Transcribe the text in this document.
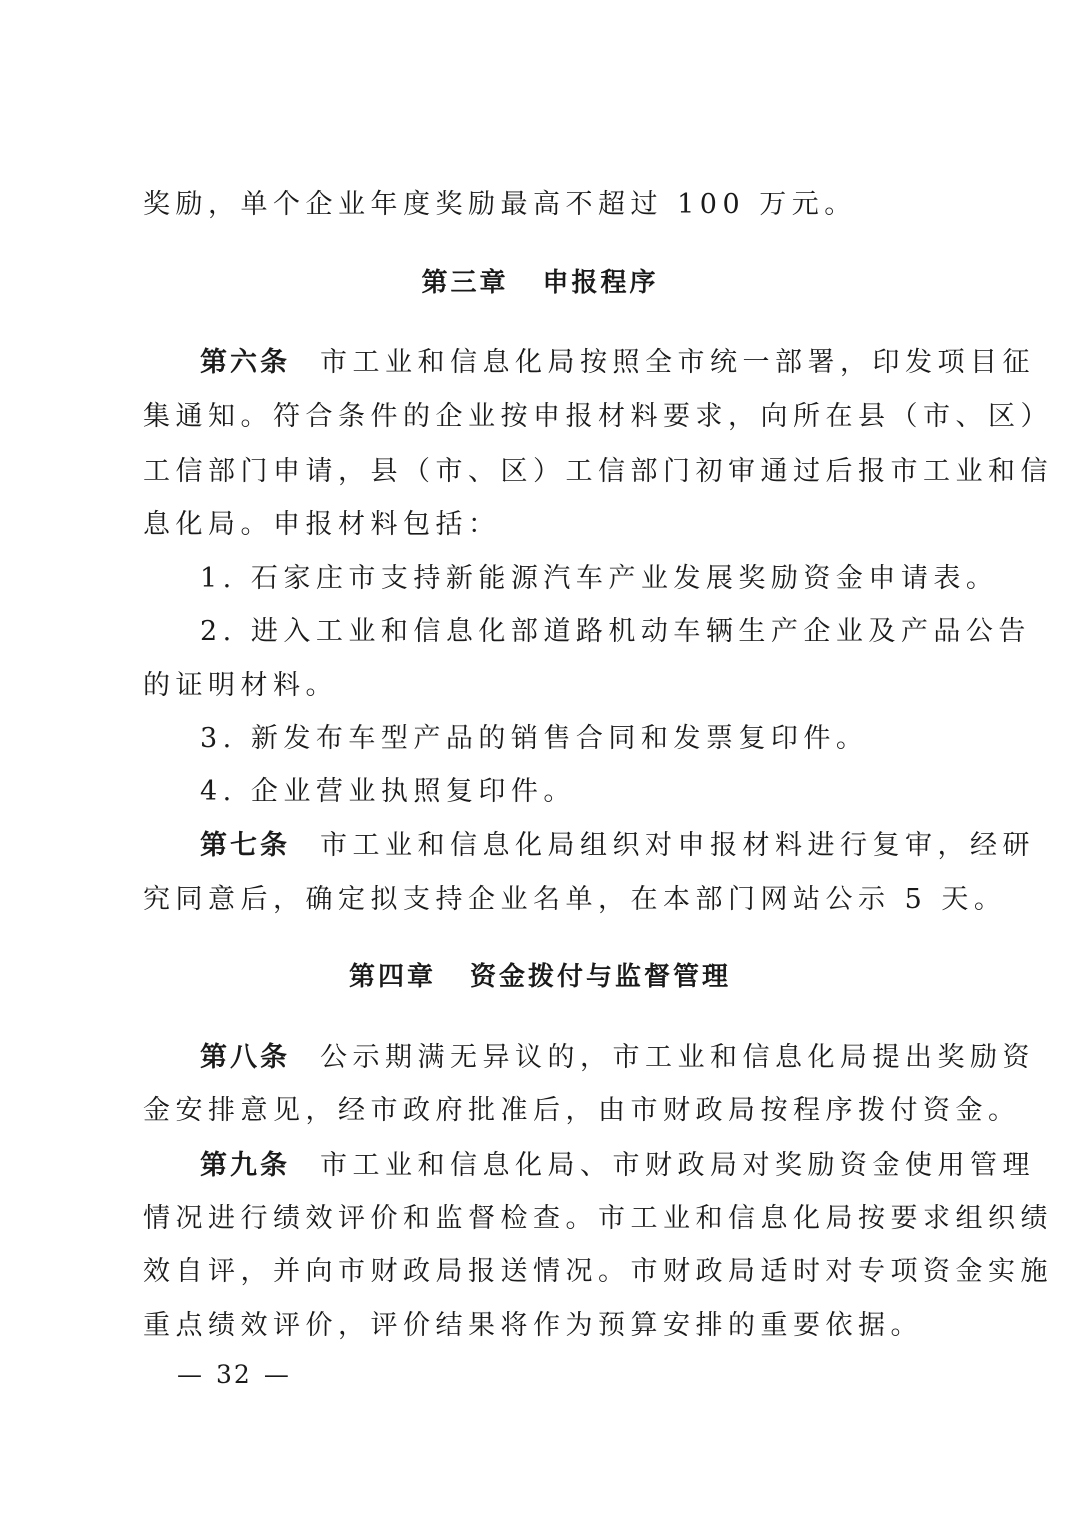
奖励，单个企业年度奖励最高不超过 100 万元。
第三章 申报程序
第六条 市工业和信息化局按照全市统一部署，印发项目征
集通知。符合条件的企业按申报材料要求，向所在县（市、区）
工信部门申请，县（市、区）工信部门初审通过后报市工业和信
息化局。申报材料包括：
1. 石家庄市支持新能源汽车产业发展奖励资金申请表。
2. 进入工业和信息化部道路机动车辆生产企业及产品公告
的证明材料。
3. 新发布车型产品的销售合同和发票复印件。
4. 企业营业执照复印件。
第七条 市工业和信息化局组织对申报材料进行复审，经研
究同意后，确定拟支持企业名单，在本部门网站公示 5 天。
第四章 资金拨付与监督管理
第八条 公示期满无异议的，市工业和信息化局提出奖励资
金安排意见，经市政府批准后，由市财政局按程序拨付资金。
第九条 市工业和信息化局、市财政局对奖励资金使用管理
情况进行绩效评价和监督检查。市工业和信息化局按要求组织绩
效自评，并向市财政局报送情况。市财政局适时对专项资金实施
重点绩效评价，评价结果将作为预算安排的重要依据。
— 32 —
